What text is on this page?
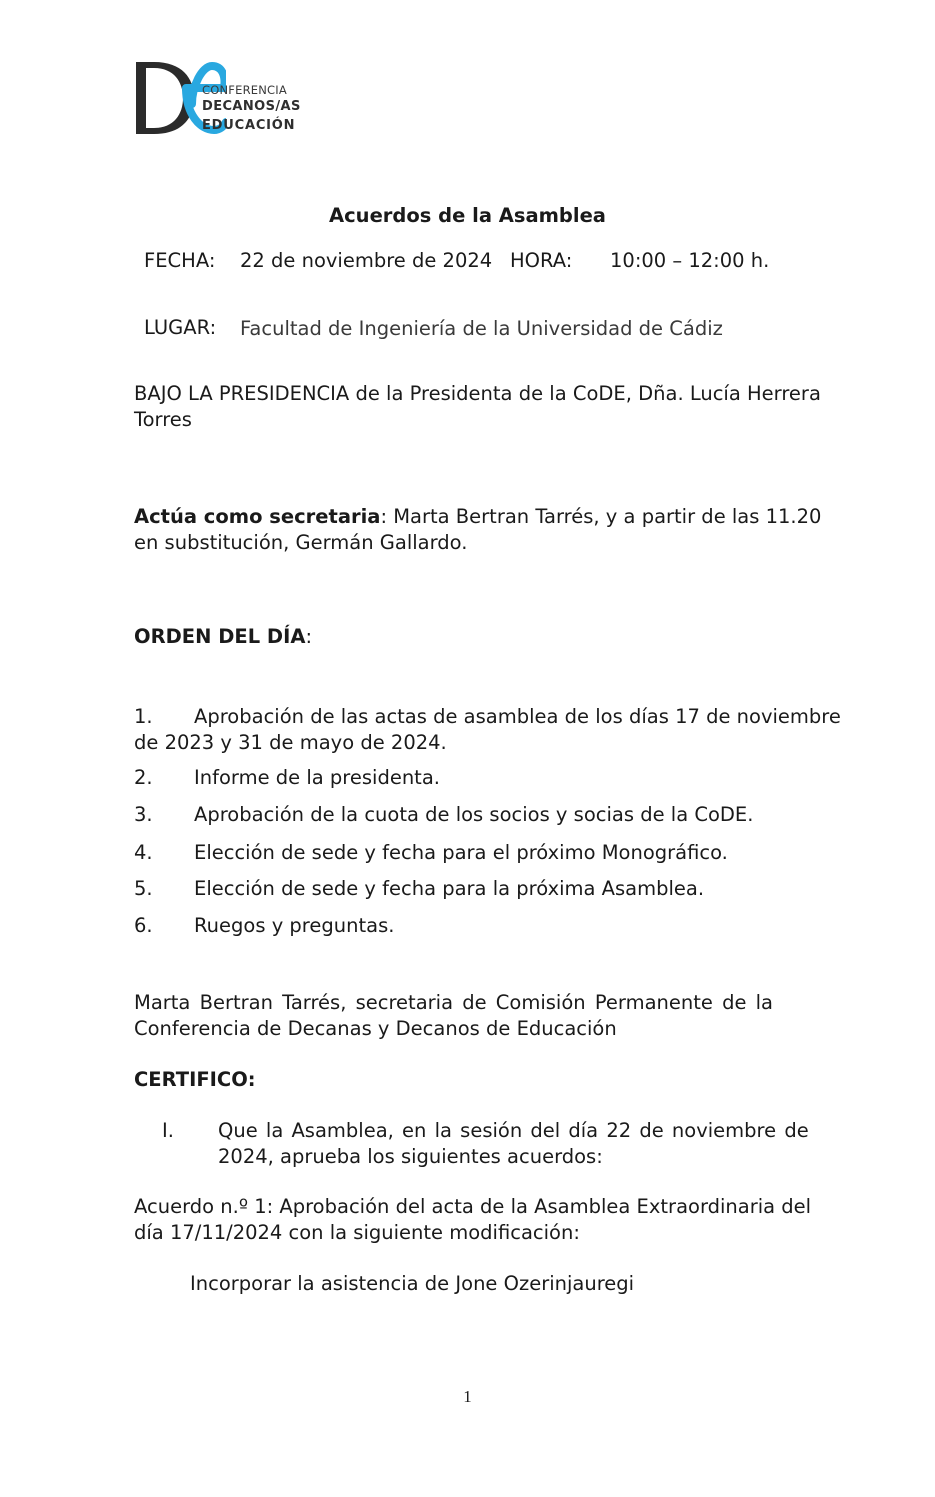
CONFERENCIA
DECANOS/AS
EDUCACIÓN
Acuerdos de la Asamblea
FECHA: 22 de noviembre de 2024 HORA: 10:00 – 12:00 h.
LUGAR: Facultad de Ingeniería de la Universidad de Cádiz
BAJO LA PRESIDENCIA de la Presidenta de la CoDE, Dña. Lucía Herrera
Torres
Actúa como secretaria: Marta Bertran Tarrés, y a partir de las 11.20
en substitución, Germán Gallardo.
ORDEN DEL DÍA:
1. Aprobación de las actas de asamblea de los días 17 de noviembre
de 2023 y 31 de mayo de 2024.
2. Informe de la presidenta.
3. Aprobación de la cuota de los socios y socias de la CoDE.
4. Elección de sede y fecha para el próximo Monográfico.
5. Elección de sede y fecha para la próxima Asamblea.
6. Ruegos y preguntas.
Marta Bertran Tarrés, secretaria de Comisión Permanente de la
Conferencia de Decanas y Decanos de Educación
CERTIFICO:
I. Que la Asamblea, en la sesión del día 22 de noviembre de
2024, aprueba los siguientes acuerdos:
Acuerdo n.º 1: Aprobación del acta de la Asamblea Extraordinaria del
día 17/11/2024 con la siguiente modificación:
Incorporar la asistencia de Jone Ozerinjauregi
1
